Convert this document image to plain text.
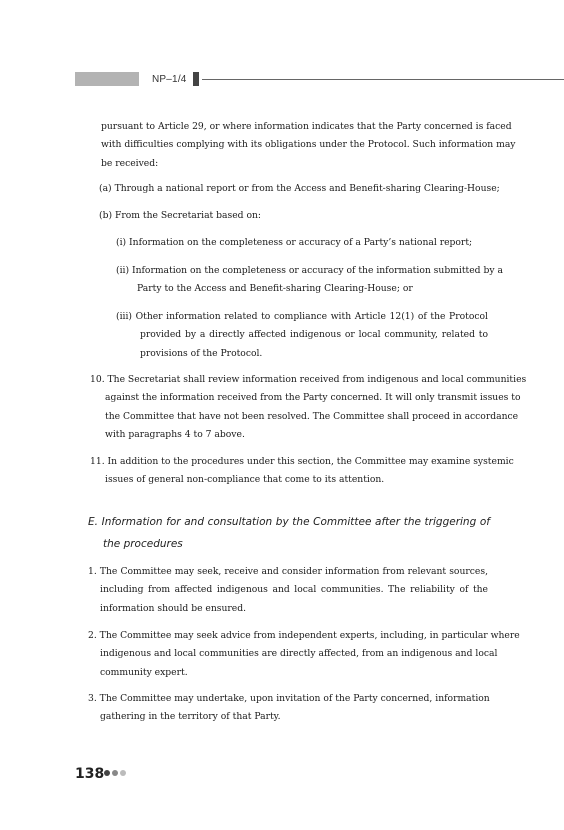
NP–1/4
pursuant to Article 29, or where information indicates that the Party concerned is faced
with difficulties complying with its obligations under the Protocol. Such information may
be received:
(a) Through a national report or from the Access and Benefit-sharing Clearing-House;
(b) From the Secretariat based on:
(i) Information on the completeness or accuracy of a Party’s national report;
(ii) Information on the completeness or accuracy of the information submitted by a
Party to the Access and Benefit-sharing Clearing-House; or
(iii) Other information related to compliance with Article 12(1) of the Protocol
provided by a directly affected indigenous or local community, related to
provisions of the Protocol.
10. The Secretariat shall review information received from indigenous and local communities
against the information received from the Party concerned. It will only transmit issues to
the Committee that have not been resolved. The Committee shall proceed in accordance
with paragraphs 4 to 7 above.
11. In addition to the procedures under this section, the Committee may examine systemic
issues of general non-compliance that come to its attention.
E. Information for and consultation by the Committee after the triggering of
the procedures
1. The Committee may seek, receive and consider information from relevant sources,
including from affected indigenous and local communities. The reliability of the
information should be ensured.
2. The Committee may seek advice from independent experts, including, in particular where
indigenous and local communities are directly affected, from an indigenous and local
community expert.
3. The Committee may undertake, upon invitation of the Party concerned, information
gathering in the territory of that Party.
138
